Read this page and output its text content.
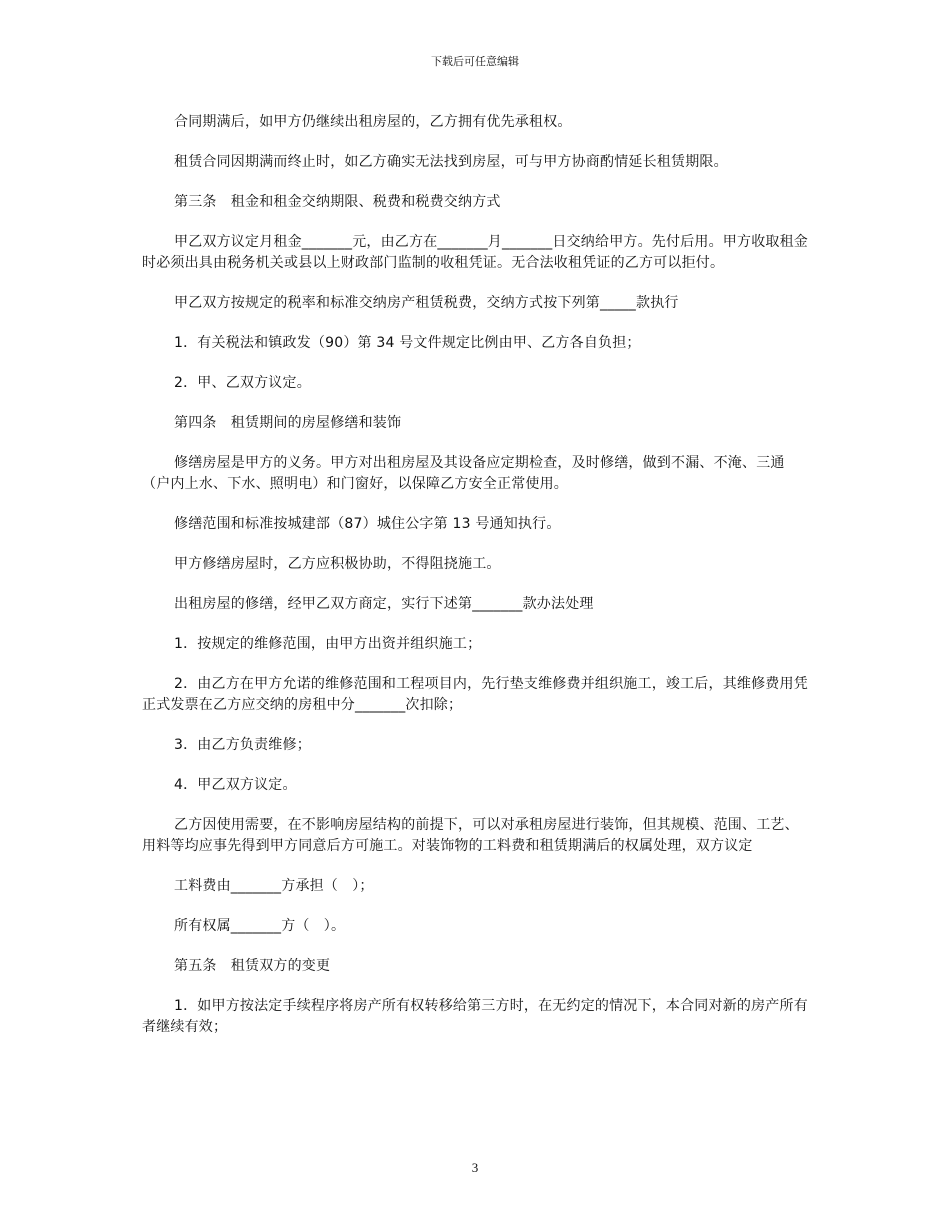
下载后可任意编辑

合同期满后，如甲方仍继续出租房屋的，乙方拥有优先承租权。

租赁合同因期满而终止时，如乙方确实无法找到房屋，可与甲方协商酌情延长租赁期限。

第三条　租金和租金交纳期限、税费和税费交纳方式

甲乙双方议定月租金_______元，由乙方在_______月_______日交纳给甲方。先付后用。甲方收取租金时必须出具由税务机关或县以上财政部门监制的收租凭证。无合法收租凭证的乙方可以拒付。

甲乙双方按规定的税率和标准交纳房产租赁税费，交纳方式按下列第_____款执行

1．有关税法和镇政发（90）第 34 号文件规定比例由甲、乙方各自负担；

2．甲、乙双方议定。

第四条　租赁期间的房屋修缮和装饰

修缮房屋是甲方的义务。甲方对出租房屋及其设备应定期检查，及时修缮，做到不漏、不淹、三通（户内上水、下水、照明电）和门窗好，以保障乙方安全正常使用。

修缮范围和标准按城建部（87）城住公字第 13 号通知执行。

甲方修缮房屋时，乙方应积极协助，不得阻挠施工。

出租房屋的修缮，经甲乙双方商定，实行下述第_______款办法处理

1．按规定的维修范围，由甲方出资并组织施工；

2．由乙方在甲方允诺的维修范围和工程项目内，先行垫支维修费并组织施工，竣工后，其维修费用凭正式发票在乙方应交纳的房租中分_______次扣除；

3．由乙方负责维修；

4．甲乙双方议定。

乙方因使用需要，在不影响房屋结构的前提下，可以对承租房屋进行装饰，但其规模、范围、工艺、用料等均应事先得到甲方同意后方可施工。对装饰物的工料费和租赁期满后的权属处理，双方议定

工料费由_______方承担（　）；

所有权属_______方（　）。

第五条　租赁双方的变更

1．如甲方按法定手续程序将房产所有权转移给第三方时，在无约定的情况下，本合同对新的房产所有者继续有效；

3
